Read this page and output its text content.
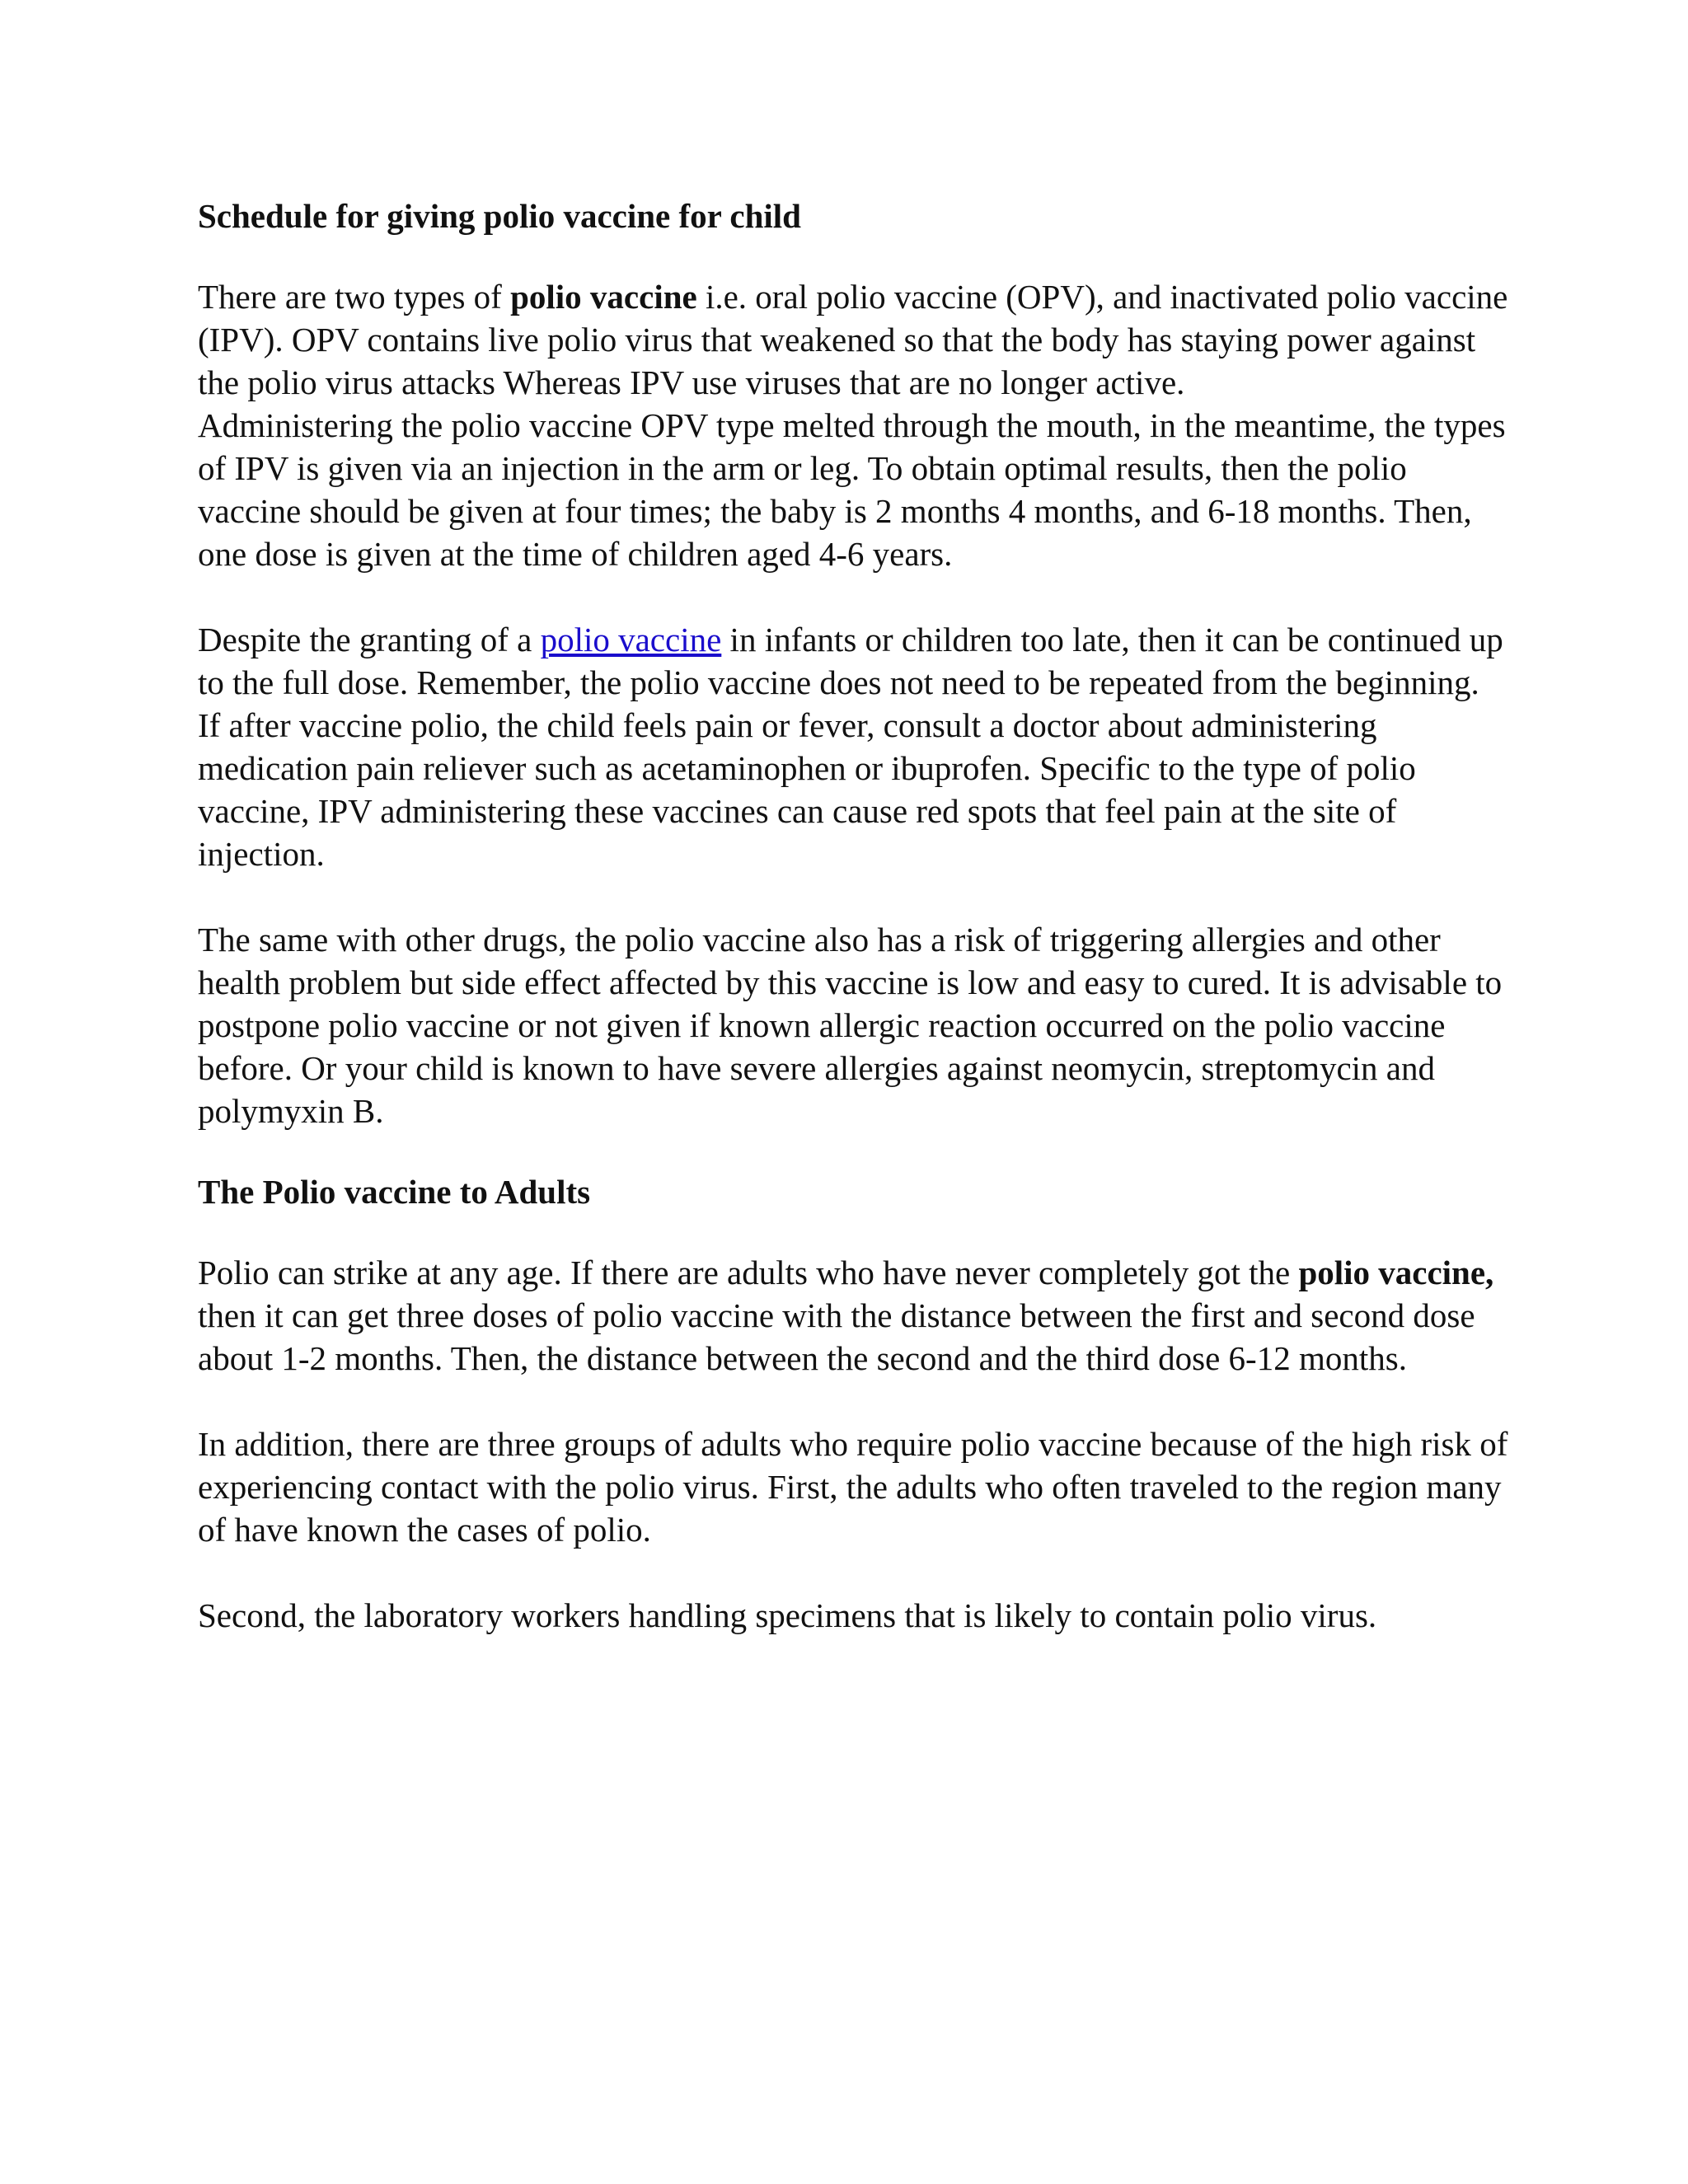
Schedule for giving polio vaccine for child

There are two types of polio vaccine i.e. oral polio vaccine (OPV), and inactivated polio vaccine (IPV). OPV contains live polio virus that weakened so that the body has staying power against the polio virus attacks Whereas IPV use viruses that are no longer active.

Administering the polio vaccine OPV type melted through the mouth, in the meantime, the types of IPV is given via an injection in the arm or leg. To obtain optimal results, then the polio vaccine should be given at four times; the baby is 2 months 4 months, and 6-18 months. Then, one dose is given at the time of children aged 4-6 years.

Despite the granting of a polio vaccine in infants or children too late, then it can be continued up to the full dose. Remember, the polio vaccine does not need to be repeated from the beginning.

If after vaccine polio, the child feels pain or fever, consult a doctor about administering medication pain reliever such as acetaminophen or ibuprofen. Specific to the type of polio vaccine, IPV administering these vaccines can cause red spots that feel pain at the site of injection.

The same with other drugs, the polio vaccine also has a risk of triggering allergies and other health problem but side effect affected by this vaccine is low and easy to cured. It is advisable to postpone polio vaccine or not given if known allergic reaction occurred on the polio vaccine before. Or your child is known to have severe allergies against neomycin, streptomycin and polymyxin B.

The Polio vaccine to Adults

Polio can strike at any age. If there are adults who have never completely got the polio vaccine, then it can get three doses of polio vaccine with the distance between the first and second dose about 1-2 months. Then, the distance between the second and the third dose 6-12 months.

In addition, there are three groups of adults who require polio vaccine because of the high risk of experiencing contact with the polio virus. First, the adults who often traveled to the region many of have known the cases of polio.

Second, the laboratory workers handling specimens that is likely to contain polio virus.
